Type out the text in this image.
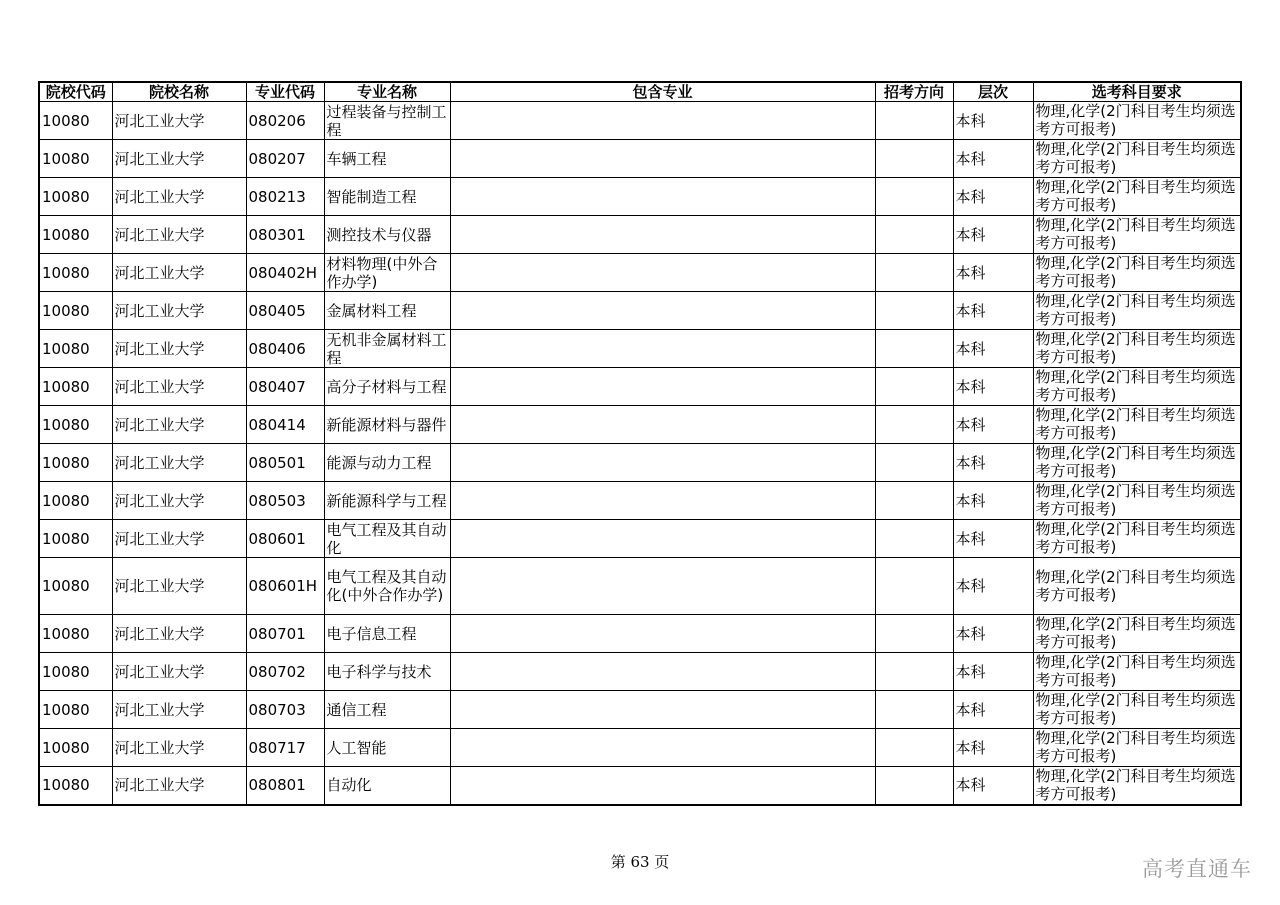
院校代码	院校名称	专业代码	专业名称	包含专业	招考方向	层次	选考科目要求
10080	河北工业大学	080206	过程装备与控制工程			本科	物理,化学(2门科目考生均须选考方可报考)
10080	河北工业大学	080207	车辆工程			本科	物理,化学(2门科目考生均须选考方可报考)
10080	河北工业大学	080213	智能制造工程			本科	物理,化学(2门科目考生均须选考方可报考)
10080	河北工业大学	080301	测控技术与仪器			本科	物理,化学(2门科目考生均须选考方可报考)
10080	河北工业大学	080402H	材料物理(中外合作办学)			本科	物理,化学(2门科目考生均须选考方可报考)
10080	河北工业大学	080405	金属材料工程			本科	物理,化学(2门科目考生均须选考方可报考)
10080	河北工业大学	080406	无机非金属材料工程			本科	物理,化学(2门科目考生均须选考方可报考)
10080	河北工业大学	080407	高分子材料与工程			本科	物理,化学(2门科目考生均须选考方可报考)
10080	河北工业大学	080414	新能源材料与器件			本科	物理,化学(2门科目考生均须选考方可报考)
10080	河北工业大学	080501	能源与动力工程			本科	物理,化学(2门科目考生均须选考方可报考)
10080	河北工业大学	080503	新能源科学与工程			本科	物理,化学(2门科目考生均须选考方可报考)
10080	河北工业大学	080601	电气工程及其自动化			本科	物理,化学(2门科目考生均须选考方可报考)
10080	河北工业大学	080601H	电气工程及其自动化(中外合作办学)			本科	物理,化学(2门科目考生均须选考方可报考)
10080	河北工业大学	080701	电子信息工程			本科	物理,化学(2门科目考生均须选考方可报考)
10080	河北工业大学	080702	电子科学与技术			本科	物理,化学(2门科目考生均须选考方可报考)
10080	河北工业大学	080703	通信工程			本科	物理,化学(2门科目考生均须选考方可报考)
10080	河北工业大学	080717	人工智能			本科	物理,化学(2门科目考生均须选考方可报考)
10080	河北工业大学	080801	自动化			本科	物理,化学(2门科目考生均须选考方可报考)
第 63 页	高考直通车
